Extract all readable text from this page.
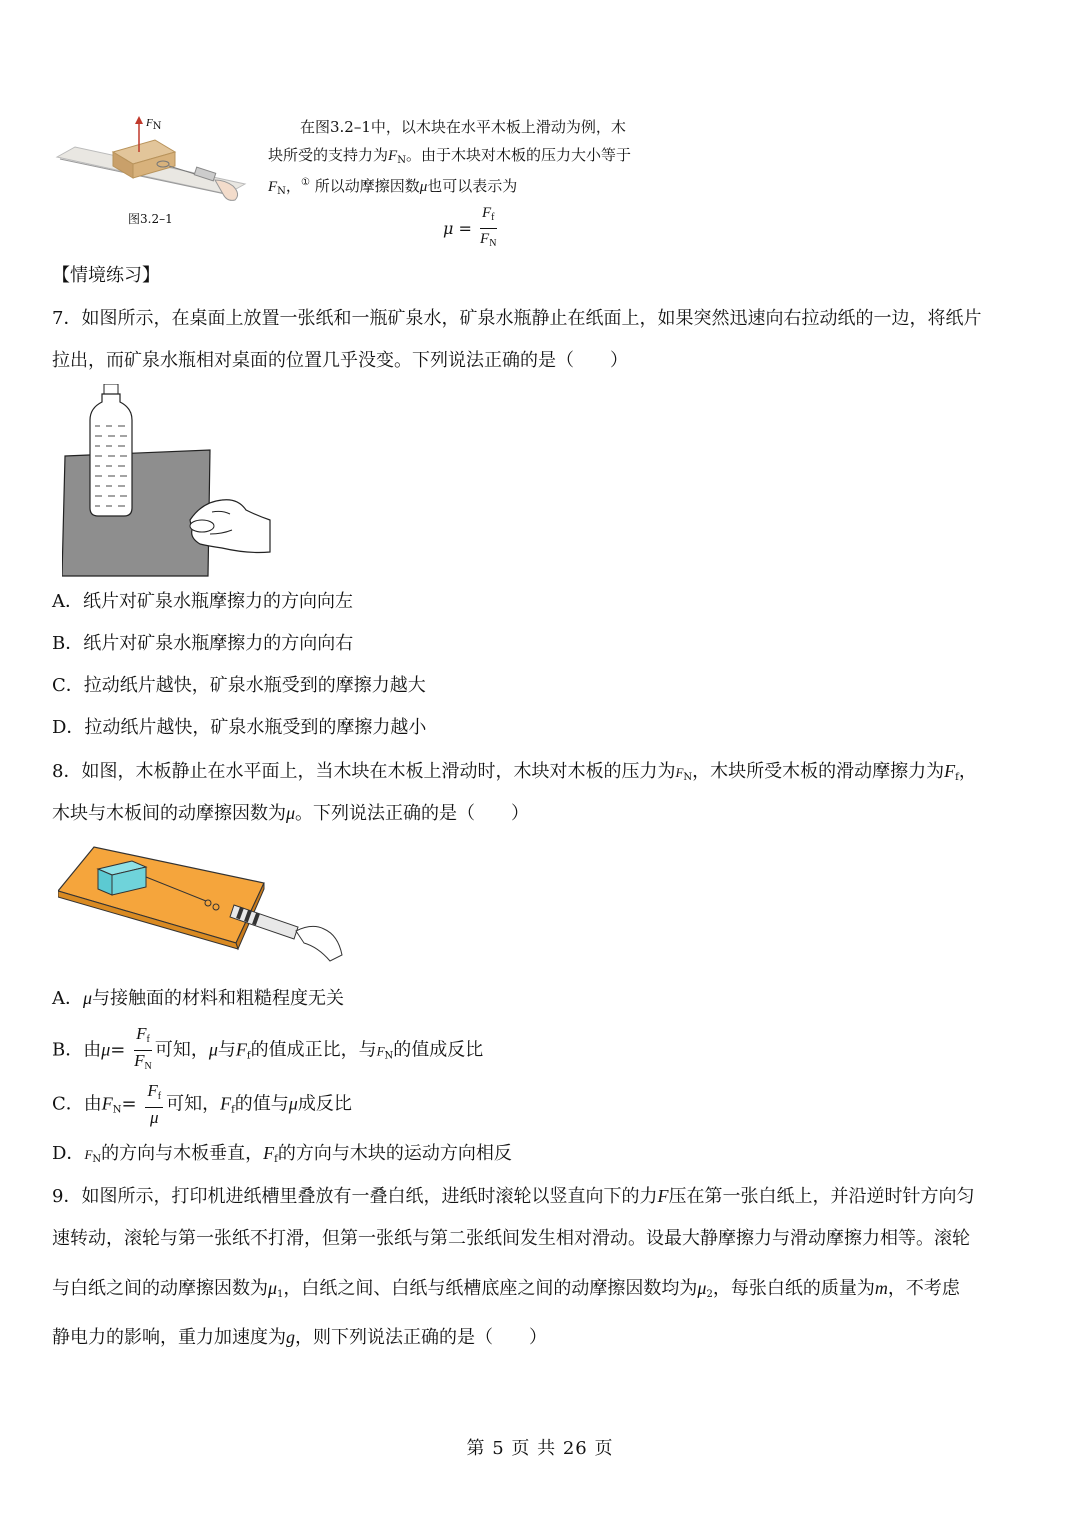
$F_N$
图3.2–1
在图3.2–1中，以木块在水平木板上滑动为例，木
块所受的支持力为$F_N$。由于木块对木板的压力大小等于
$F_N$，① 所以动摩擦因数μ也可以表示为
$\mu = \frac{F_f}{F_N}$
【情境练习】
7．如图所示，在桌面上放置一张纸和一瓶矿泉水，矿泉水瓶静止在纸面上，如果突然迅速向右拉动纸的一边，将纸片
拉出，而矿泉水瓶相对桌面的位置几乎没变。下列说法正确的是（　　）
A．纸片对矿泉水瓶摩擦力的方向向左
B．纸片对矿泉水瓶摩擦力的方向向右
C．拉动纸片越快，矿泉水瓶受到的摩擦力越大
D．拉动纸片越快，矿泉水瓶受到的摩擦力越小
8．如图，木板静止在水平面上，当木块在木板上滑动时，木块对木板的压力为$F_N$，木块所受木板的滑动摩擦力为$F_f$，
木块与木板间的动摩擦因数为μ。下列说法正确的是（　　）
A．μ与接触面的材料和粗糙程度无关
B．由$\mu= \frac{F_f}{F_N}$ 可知，μ与$F_f$的值成正比，与$F_N$的值成反比
C．由$F_N= \frac{F_f}{\mu}$ 可知，$F_f$的值与μ成反比
D．$F_N$的方向与木板垂直，$F_f$的方向与木块的运动方向相反
9．如图所示，打印机进纸槽里叠放有一叠白纸，进纸时滚轮以竖直向下的力F压在第一张白纸上，并沿逆时针方向匀
速转动，滚轮与第一张纸不打滑，但第一张纸与第二张纸间发生相对滑动。设最大静摩擦力与滑动摩擦力相等。滚轮
与白纸之间的动摩擦因数为$\mu_1$，白纸之间、白纸与纸槽底座之间的动摩擦因数均为$\mu_2$，每张白纸的质量为m，不考虑
静电力的影响，重力加速度为g，则下列说法正确的是（　　）
第 5 页 共 26 页
